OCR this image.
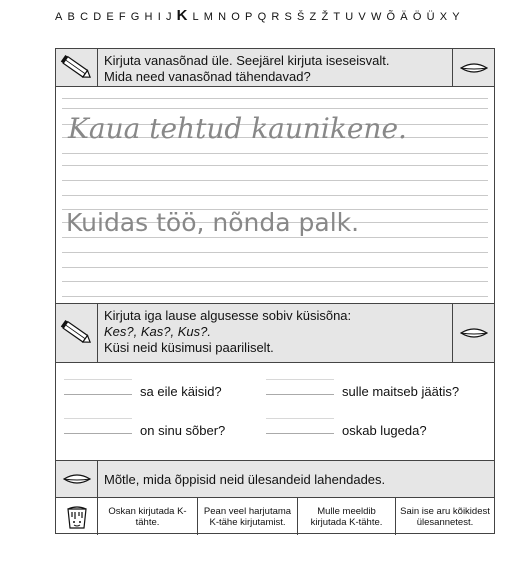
A B C D E F G H I J K L M N O P Q R S Š Z Ž T U V W Õ Ä Ö Ü X Y
Kirjuta vanasõnad üle. Seejärel kirjuta iseseisvalt.
Mida need vanasõnad tähendavad?
Kaua tehtud kaunikene.
Kuidas töö, nõnda palk.
Kirjuta iga lause algusesse sobiv küsisõna:
Kes?, Kas?, Kus?.
Küsi neid küsimusi paariliselt.
sa eile käisid?	sulle maitseb jäätis?
on sinu sõber?	oskab lugeda?
Mõtle, mida õppisid neid ülesandeid lahendades.
Oskan kirjutada K-tähte.
Pean veel harjutama K-tähe kirjutamist.
Mulle meeldib kirjutada K-tähte.
Sain ise aru kõikidest ülesannetest.
